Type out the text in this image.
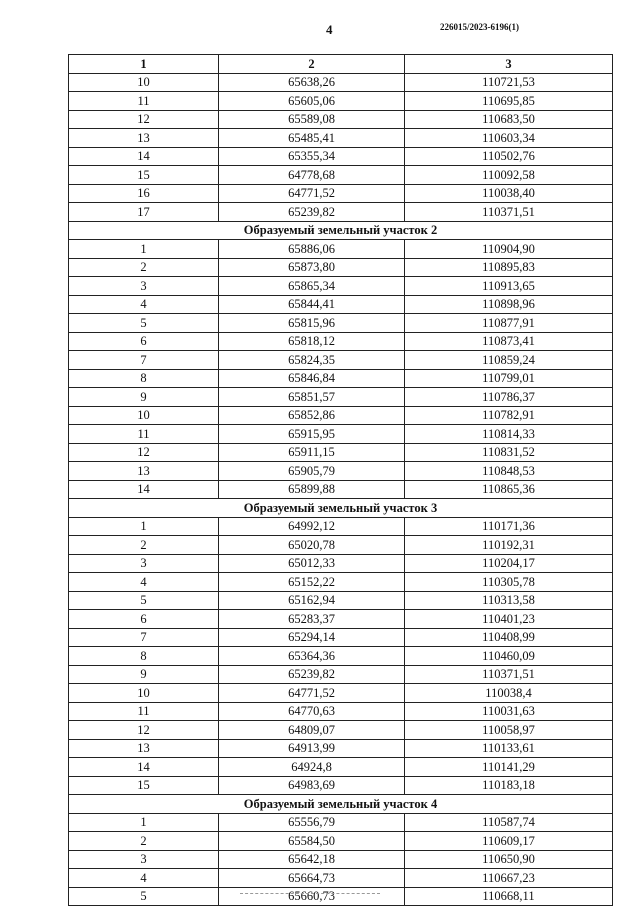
4	226015/2023-6196(1)
1	2	3
10	65638,26	110721,53
11	65605,06	110695,85
12	65589,08	110683,50
13	65485,41	110603,34
14	65355,34	110502,76
15	64778,68	110092,58
16	64771,52	110038,40
17	65239,82	110371,51
Образуемый земельный участок 2		
1	65886,06	110904,90
2	65873,80	110895,83
3	65865,34	110913,65
4	65844,41	110898,96
5	65815,96	110877,91
6	65818,12	110873,41
7	65824,35	110859,24
8	65846,84	110799,01
9	65851,57	110786,37
10	65852,86	110782,91
11	65915,95	110814,33
12	65911,15	110831,52
13	65905,79	110848,53
14	65899,88	110865,36
Образуемый земельный участок 3		
1	64992,12	110171,36
2	65020,78	110192,31
3	65012,33	110204,17
4	65152,22	110305,78
5	65162,94	110313,58
6	65283,37	110401,23
7	65294,14	110408,99
8	65364,36	110460,09
9	65239,82	110371,51
10	64771,52	110038,4
11	64770,63	110031,63
12	64809,07	110058,97
13	64913,99	110133,61
14	64924,8	110141,29
15	64983,69	110183,18
Образуемый земельный участок 4		
1	65556,79	110587,74
2	65584,50	110609,17
3	65642,18	110650,90
4	65664,73	110667,23
5	65660,73	110668,11
